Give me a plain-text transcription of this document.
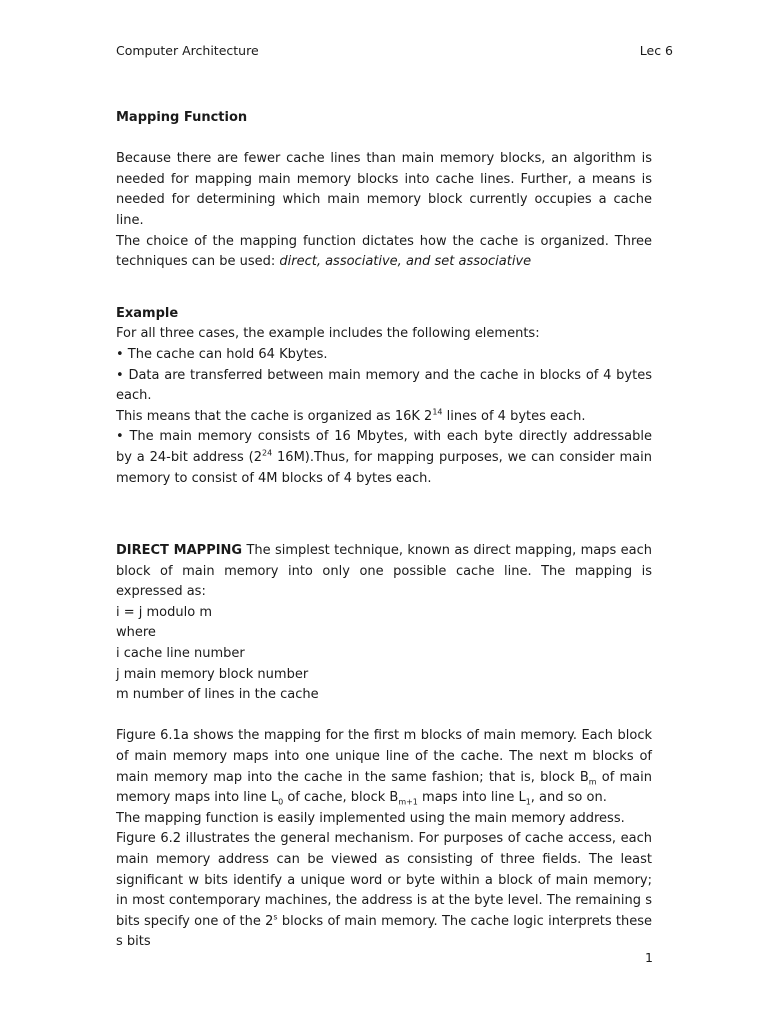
Computer Architecture	Lec 6
Mapping Function

Because there are fewer cache lines than main memory blocks, an algorithm is needed for mapping main memory blocks into cache lines. Further, a means is needed for determining which main memory block currently occupies a cache line.

The choice of the mapping function dictates how the cache is organized. Three techniques can be used: direct, associative, and set associative

Example

For all three cases, the example includes the following elements:

• The cache can hold 64 Kbytes.

• Data are transferred between main memory and the cache in blocks of 4 bytes each.

This means that the cache is organized as 16K $2^{14}$ lines of 4 bytes each.

• The main memory consists of 16 Mbytes, with each byte directly addressable by a 24-bit address ($2^{24}$ 16M).Thus, for mapping purposes, we can consider main memory to consist of 4M blocks of 4 bytes each.

DIRECT MAPPING The simplest technique, known as direct mapping, maps each block of main memory into only one possible cache line. The mapping is expressed as:

i = j modulo m

where

i cache line number

j main memory block number

m number of lines in the cache

Figure 6.1a shows the mapping for the first m blocks of main memory. Each block of main memory maps into one unique line of the cache. The next m blocks of main memory map into the cache in the same fashion; that is, block $B_m$ of main memory maps into line $L_0$ of cache, block $B_{m+1}$ maps into line $L_1$, and so on.

The mapping function is easily implemented using the main memory address.

Figure 6.2 illustrates the general mechanism. For purposes of cache access, each main memory address can be viewed as consisting of three fields. The least significant w bits identify a unique word or byte within a block of main memory; in most contemporary machines, the address is at the byte level. The remaining s bits specify one of the 2$^s$ blocks of main memory. The cache logic interprets these s bits

1
